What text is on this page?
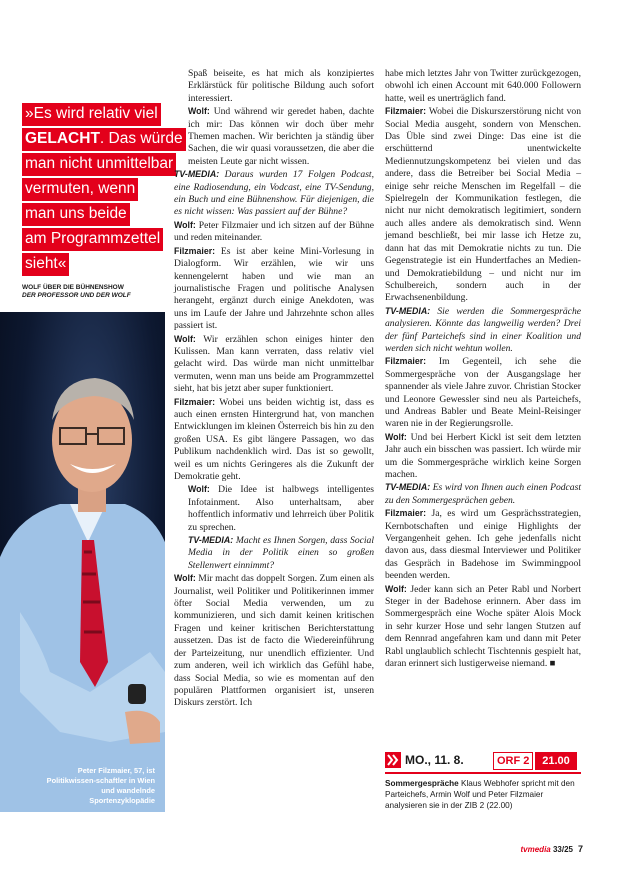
»Es wird relativ viel
GELACHT. Das würde
man nicht unmittelbar
vermuten, wenn
man uns beide
am Programmzettel
sieht«
WOLF ÜBER DIE BÜHNENSHOW
DER PROFESSOR UND DER WOLF
Peter Filzmaier, 57, ist Politikwissen-schaftler in Wien und wandelnde Sportenzyklopädie

Spaß beiseite, es hat mich als konzipiertes Erklärstück für politische Bildung auch sofort interessiert.

Wolf: Und während wir geredet haben, dachte ich mir: Das können wir doch über mehr Themen machen. Wir berichten ja ständig über Sachen, die wir quasi voraussetzen, die aber die meisten Leute gar nicht wissen.

TV-MEDIA: Daraus wurden 17 Folgen Podcast, eine Radiosendung, ein Vodcast, eine TV-Sendung, ein Buch und eine Bühnenshow. Für diejenigen, die es nicht wissen: Was passiert auf der Bühne?

Wolf: Peter Filzmaier und ich sitzen auf der Bühne und reden miteinander.

Filzmaier: Es ist aber keine Mini-Vorlesung in Dialogform. Wir erzählen, wie wir uns kennengelernt haben und wie man an journalistische Fragen und politische Analysen herangeht, ergänzt durch einige Anekdoten, was uns im Laufe der Jahre und Jahrzehnte schon alles passiert ist.

Wolf: Wir erzählen schon einiges hinter den Kulissen. Man kann verraten, dass relativ viel gelacht wird. Das würde man nicht unmittelbar vermuten, wenn man uns beide am Programmzettel sieht, hat bis jetzt aber super funktioniert.

Filzmaier: Wobei uns beiden wichtig ist, dass es auch einen ernsten Hintergrund hat, von manchen Entwicklungen im kleinen Österreich bis hin zu den großen USA. Es gibt längere Passagen, wo das Publikum nachdenklich wird. Das ist so gewollt, weil es um nichts Geringeres als die Zukunft der Demokratie geht.

Wolf: Die Idee ist halbwegs intelligentes Infotainment. Also unterhaltsam, aber hoffentlich informativ und lehrreich über Politik zu sprechen.

TV-MEDIA: Macht es Ihnen Sorgen, dass Social Media in der Politik einen so großen Stellenwert einnimmt?

Wolf: Mir macht das doppelt Sorgen. Zum einen als Journalist, weil Politiker und Politikerinnen immer öfter Social Media verwenden, um zu kommunizieren, und sich damit keinen kritischen Fragen und keiner kritischen Berichterstattung aussetzen. Das ist de facto die Wiedereinführung der Parteizeitung, nur unendlich effizienter. Und zum anderen, weil ich wirklich das Gefühl habe, dass Social Media, so wie es momentan auf den populären Plattformen organisiert ist, unseren Diskurs zerstört. Ich

habe mich letztes Jahr von Twitter zurückgezogen, obwohl ich einen Account mit 640.000 Followern hatte, weil es unerträglich fand.

Filzmaier: Wobei die Diskurszerstörung nicht von Social Media ausgeht, sondern von Menschen. Das Üble sind zwei Dinge: Das eine ist die erschütternd unentwickelte Mediennutzungskompetenz bei vielen und das andere, dass die Betreiber bei Social Media – einige sehr reiche Menschen im Regelfall – die Spielregeln der Kommunikation festlegen, die nicht nur nicht demokratisch legitimiert, sondern auch alles andere als demokratisch sind. Wenn jemand beschließt, bei mir lasse ich Hetze zu, dann hat das mit Demokratie nichts zu tun. Die Gegenstrategie ist ein Hundertfaches an Medien- und Demokratiebildung – und nicht nur im Schulbereich, sondern auch in der Erwachsenenbildung.

TV-MEDIA: Sie werden die Sommergespräche analysieren. Könnte das langweilig werden? Drei der fünf Parteichefs sind in einer Koalition und werden sich nicht wehtun wollen.

Filzmaier: Im Gegenteil, ich sehe die Sommergespräche von der Ausgangslage her spannender als viele Jahre zuvor. Christian Stocker und Leonore Gewessler sind neu als Parteichefs, und Andreas Babler und Beate Meinl-Reisinger waren nie in der Regierungsrolle.

Wolf: Und bei Herbert Kickl ist seit dem letzten Jahr auch ein bisschen was passiert. Ich würde mir um die Sommergespräche wirklich keine Sorgen machen.

TV-MEDIA: Es wird von Ihnen auch einen Podcast zu den Sommergesprächen geben.

Filzmaier: Ja, es wird um Gesprächsstrategien, Kernbotschaften und einige Highlights der Vergangenheit gehen. Ich gehe jedenfalls nicht davon aus, dass diesmal Interviewer und Politiker das Gespräch in Badehose im Swimmingpool beenden werden.

Wolf: Jeder kann sich an Peter Rabl und Norbert Steger in der Badehose erinnern. Aber dass im Sommergespräch eine Woche später Alois Mock in sehr kurzer Hose und sehr langen Stutzen auf dem Rennrad angefahren kam und dann mit Peter Rabl unglaublich schlecht Tischtennis gespielt hat, daran erinnert sich lustigerweise niemand. ■

MO., 11. 8.	ORF 2	21.00
Sommergespräche Klaus Webhofer spricht mit den Parteichefs, Armin Wolf und Peter Filzmaier analysieren sie in der ZIB 2 (22.00)
tvmedia 33/25 7
